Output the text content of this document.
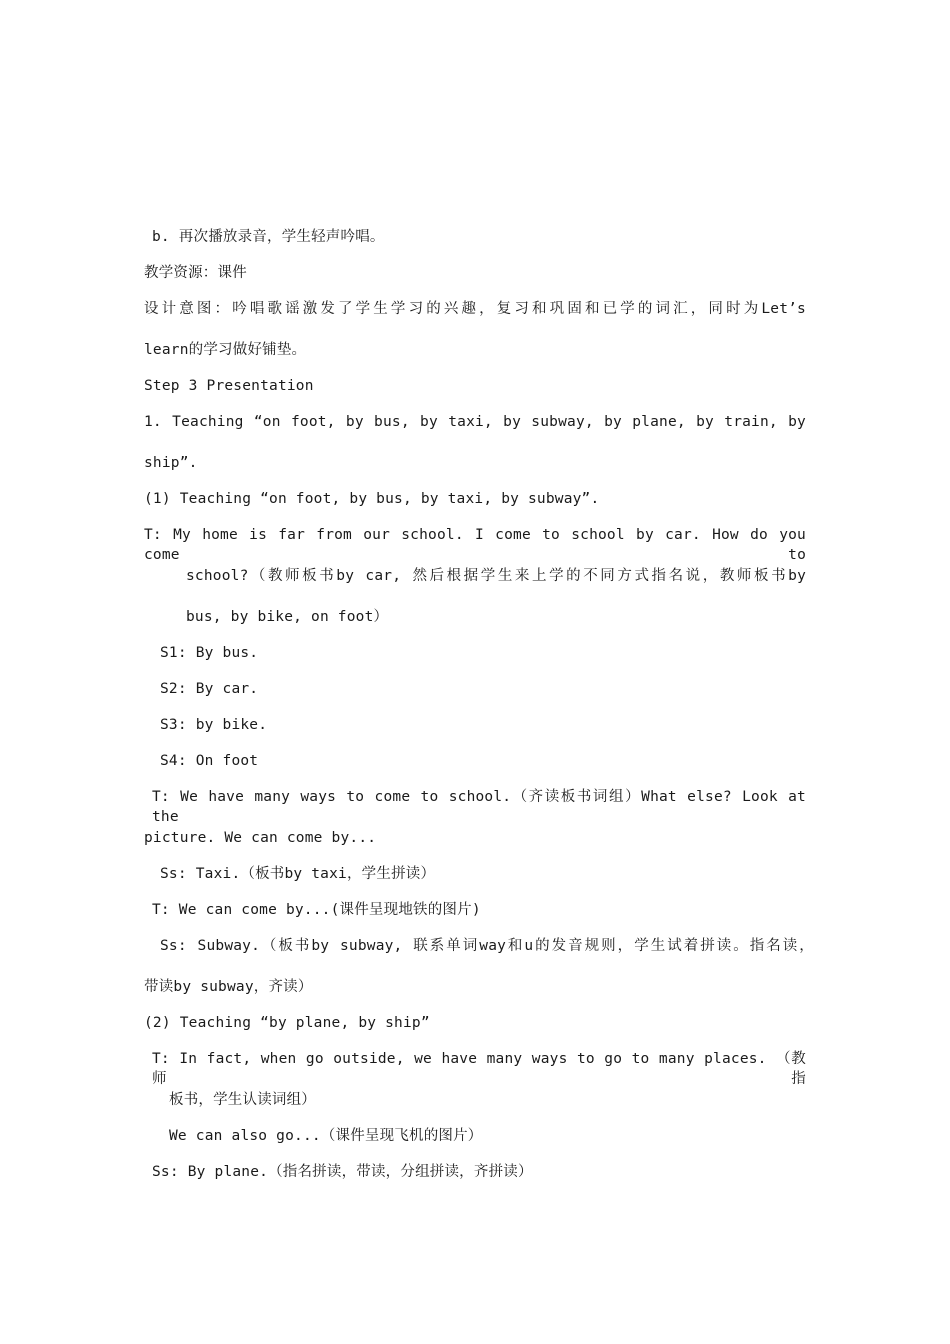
b. 再次播放录音，学生轻声吟唱。
教学资源：课件
设计意图：吟唱歌谣激发了学生学习的兴趣，复习和巩固和已学的词汇，同时为Let’s
learn的学习做好铺垫。
Step 3 Presentation
1. Teaching “on foot, by bus, by taxi, by subway, by plane, by train, by
ship”.
(1) Teaching “on foot, by bus, by taxi, by subway”.
T: My home is far from our school. I come to school by car. How do you come to
school?（教师板书by car, 然后根据学生来上学的不同方式指名说，教师板书by
bus, by bike, on foot）
S1: By bus.
S2: By car.
S3: by bike.
S4: On foot
T: We have many ways to come to school.（齐读板书词组）What else? Look at the
picture. We can come by...
Ss: Taxi.（板书by taxi，学生拼读）
T: We can come by...(课件呈现地铁的图片)
Ss: Subway.（板书by subway, 联系单词way和u的发音规则，学生试着拼读。指名读，
带读by subway，齐读）
(2) Teaching “by plane, by ship”
T: In fact, when go outside, we have many ways to go to many places. （教师指
板书，学生认读词组）
We can also go...（课件呈现飞机的图片）
Ss: By plane.（指名拼读，带读，分组拼读，齐拼读）
